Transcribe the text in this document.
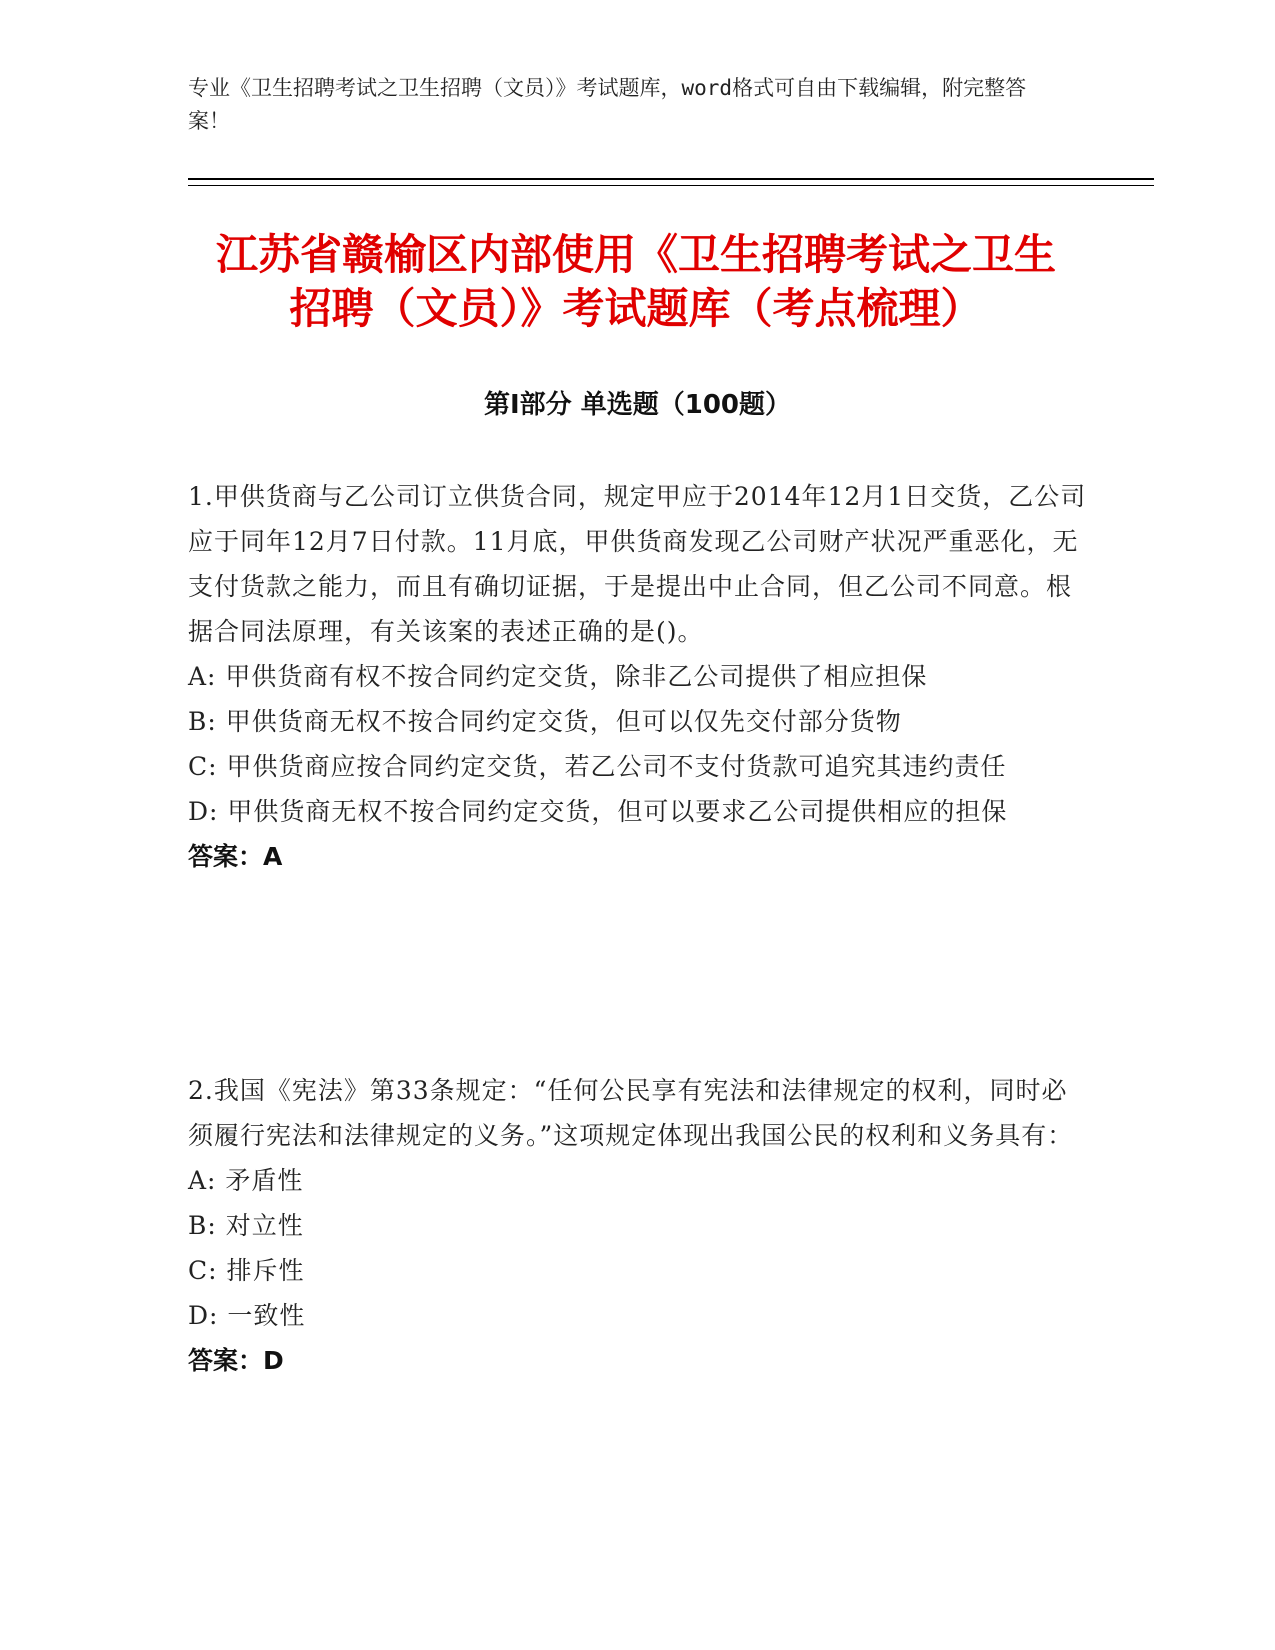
专业《卫生招聘考试之卫生招聘（文员）》考试题库，word格式可自由下载编辑，附完整答案！
江苏省赣榆区内部使用《卫生招聘考试之卫生招聘（文员）》考试题库（考点梳理）
第Ⅰ部分 单选题（100题）

1.甲供货商与乙公司订立供货合同，规定甲应于2014年12月1日交货，乙公司应于同年12月7日付款。11月底，甲供货商发现乙公司财产状况严重恶化，无支付货款之能力，而且有确切证据，于是提出中止合同，但乙公司不同意。根据合同法原理，有关该案的表述正确的是()。

A: 甲供货商有权不按合同约定交货，除非乙公司提供了相应担保

B: 甲供货商无权不按合同约定交货，但可以仅先交付部分货物

C: 甲供货商应按合同约定交货，若乙公司不支付货款可追究其违约责任

D: 甲供货商无权不按合同约定交货，但可以要求乙公司提供相应的担保

答案：A

2.我国《宪法》第33条规定：“任何公民享有宪法和法律规定的权利，同时必须履行宪法和法律规定的义务。”这项规定体现出我国公民的权利和义务具有：

A: 矛盾性

B: 对立性

C: 排斥性

D: 一致性

答案：D
